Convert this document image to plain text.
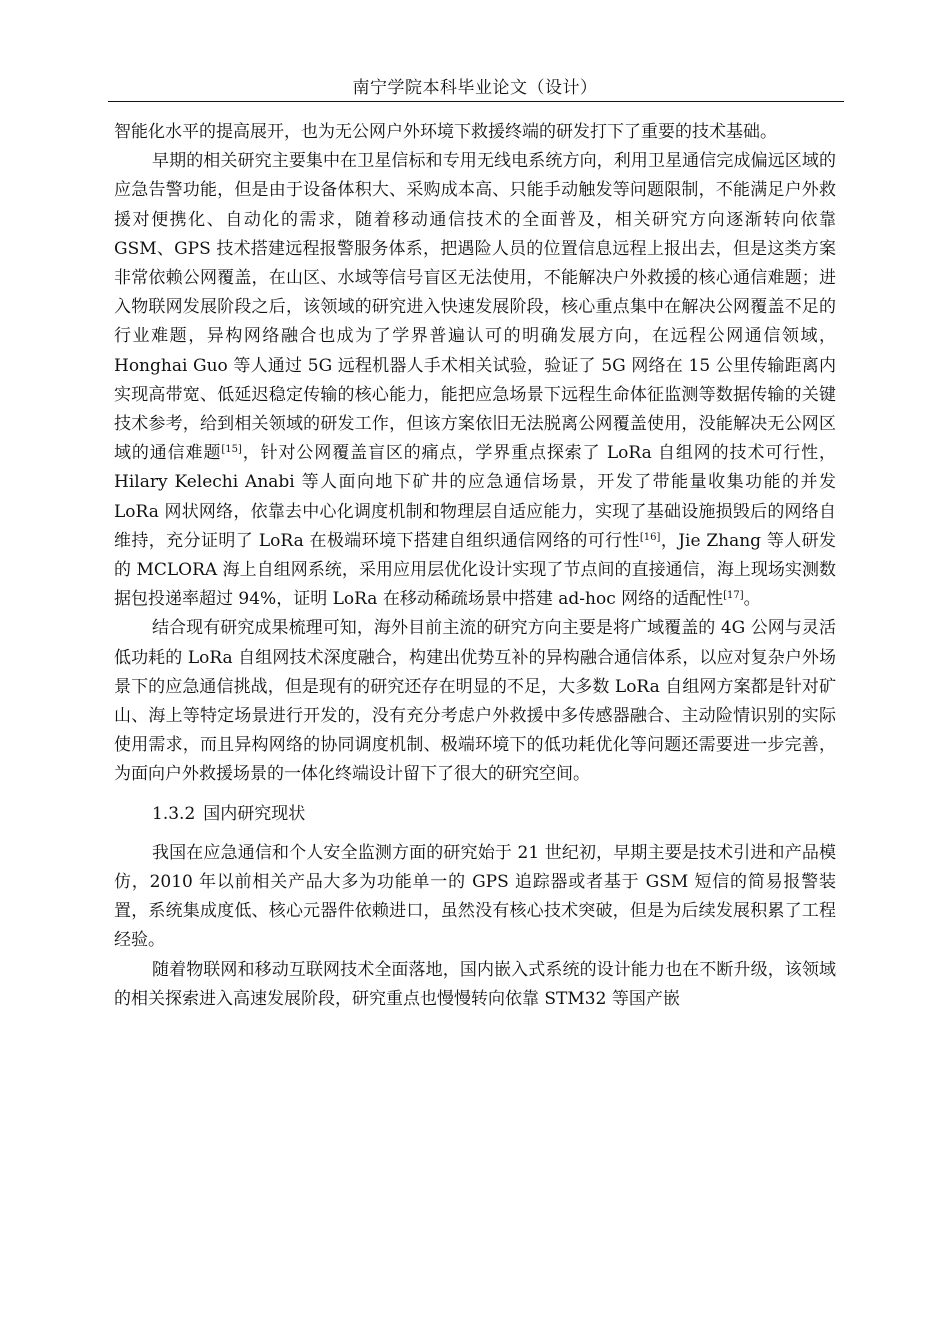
南宁学院本科毕业论文（设计）

智能化水平的提高展开，也为无公网户外环境下救援终端的研发打下了重要的技术基础。

早期的相关研究主要集中在卫星信标和专用无线电系统方向，利用卫星通信完成偏远区域的应急告警功能，但是由于设备体积大、采购成本高、只能手动触发等问题限制，不能满足户外救援对便携化、自动化的需求，随着移动通信技术的全面普及，相关研究方向逐渐转向依靠 GSM、GPS 技术搭建远程报警服务体系，把遇险人员的位置信息远程上报出去，但是这类方案非常依赖公网覆盖，在山区、水域等信号盲区无法使用，不能解决户外救援的核心通信难题；进入物联网发展阶段之后，该领域的研究进入快速发展阶段，核心重点集中在解决公网覆盖不足的行业难题，异构网络融合也成为了学界普遍认可的明确发展方向，在远程公网通信领域，Honghai Guo 等人通过 5G 远程机器人手术相关试验，验证了 5G 网络在 15 公里传输距离内实现高带宽、低延迟稳定传输的核心能力，能把应急场景下远程生命体征监测等数据传输的关键技术参考，给到相关领域的研发工作，但该方案依旧无法脱离公网覆盖使用，没能解决无公网区域的通信难题[15]，针对公网覆盖盲区的痛点，学界重点探索了 LoRa 自组网的技术可行性，Hilary Kelechi Anabi 等人面向地下矿井的应急通信场景，开发了带能量收集功能的并发 LoRa 网状网络，依靠去中心化调度机制和物理层自适应能力，实现了基础设施损毁后的网络自维持，充分证明了 LoRa 在极端环境下搭建自组织通信网络的可行性[16]，Jie Zhang 等人研发的 MCLORA 海上自组网系统，采用应用层优化设计实现了节点间的直接通信，海上现场实测数据包投递率超过 94%，证明 LoRa 在移动稀疏场景中搭建 ad-hoc 网络的适配性[17]。

结合现有研究成果梳理可知，海外目前主流的研究方向主要是将广域覆盖的 4G 公网与灵活低功耗的 LoRa 自组网技术深度融合，构建出优势互补的异构融合通信体系，以应对复杂户外场景下的应急通信挑战，但是现有的研究还存在明显的不足，大多数 LoRa 自组网方案都是针对矿山、海上等特定场景进行开发的，没有充分考虑户外救援中多传感器融合、主动险情识别的实际使用需求，而且异构网络的协同调度机制、极端环境下的低功耗优化等问题还需要进一步完善，为面向户外救援场景的一体化终端设计留下了很大的研究空间。

1.3.2 国内研究现状

我国在应急通信和个人安全监测方面的研究始于 21 世纪初，早期主要是技术引进和产品模仿，2010 年以前相关产品大多为功能单一的 GPS 追踪器或者基于 GSM 短信的简易报警装置，系统集成度低、核心元器件依赖进口，虽然没有核心技术突破，但是为后续发展积累了工程经验。

随着物联网和移动互联网技术全面落地，国内嵌入式系统的设计能力也在不断升级，该领域的相关探索进入高速发展阶段，研究重点也慢慢转向依靠 STM32 等国产嵌
